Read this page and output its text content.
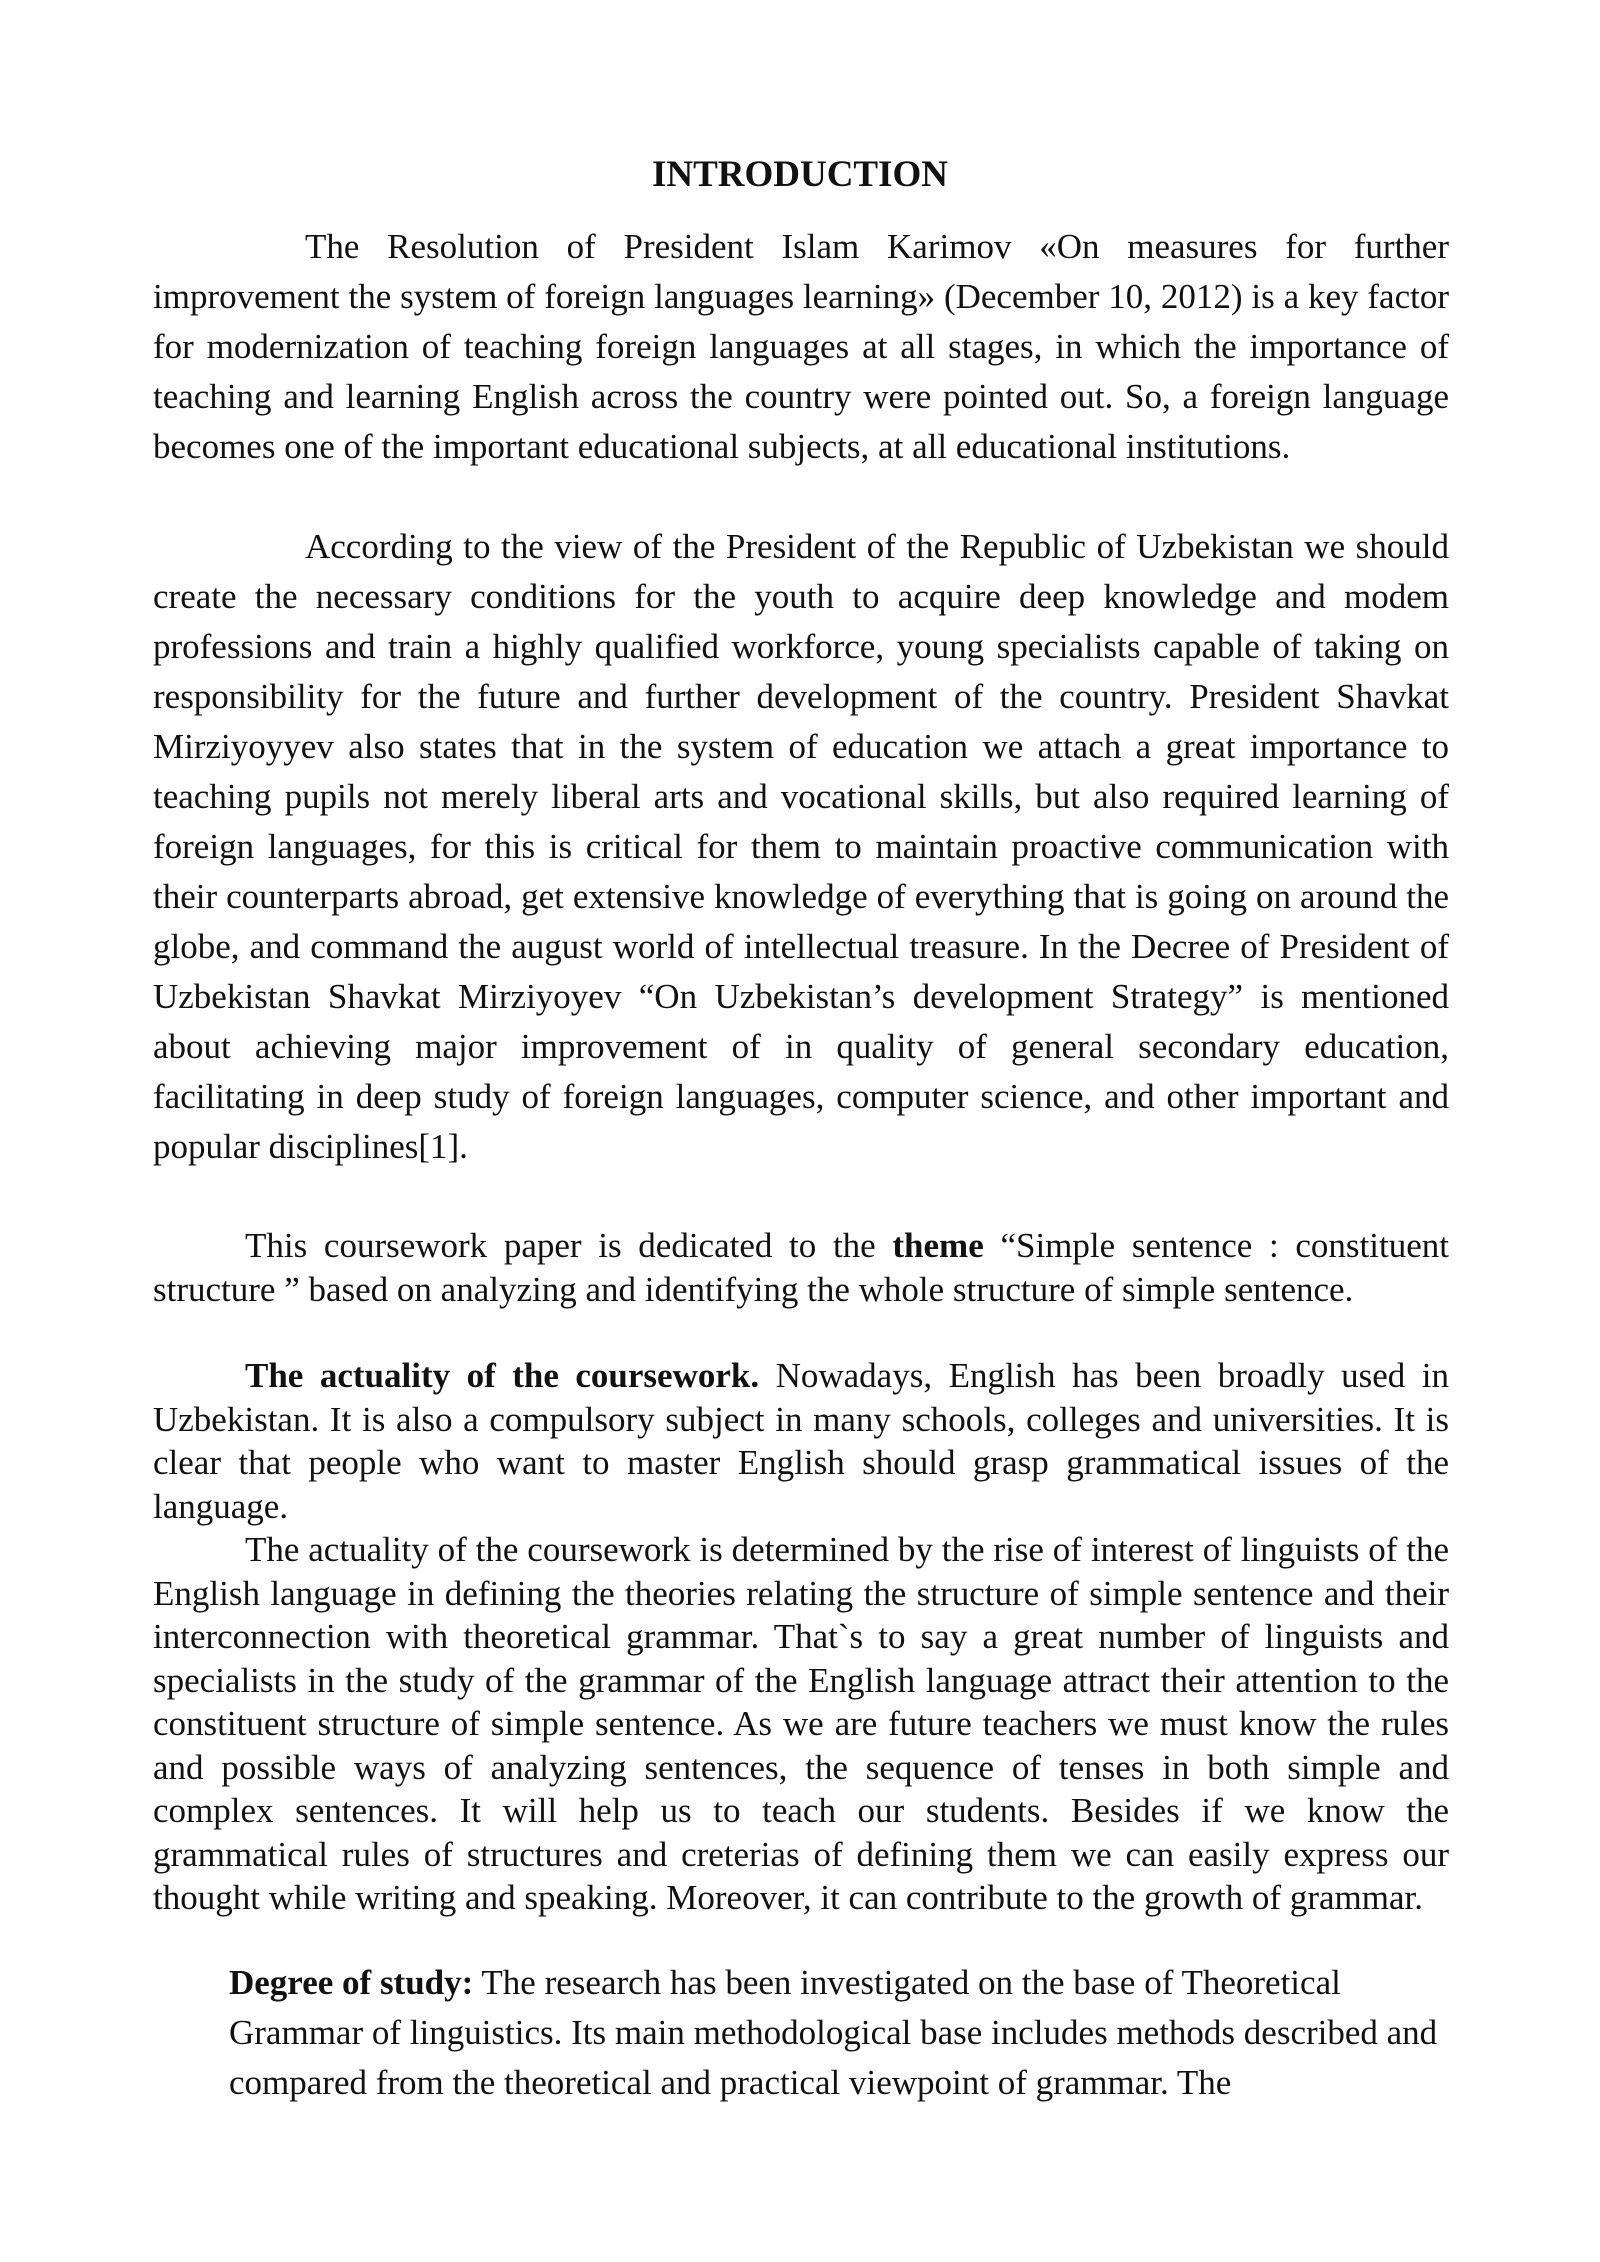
INTRODUCTION

The Resolution of President Islam Karimov «On measures for further improvement the system of foreign languages learning» (December 10, 2012) is a key factor for modernization of teaching foreign languages at all stages, in which the importance of teaching and learning English across the country were pointed out. So, a foreign language becomes one of the important educational subjects, at all educational institutions.

According to the view of the President of the Republic of Uzbekistan we should create the necessary conditions for the youth to acquire deep knowledge and modem professions and train a highly qualified workforce, young specialists capable of taking on responsibility for the future and further development of the country. President Shavkat Mirziyoyyev also states that in the system of education we attach a great importance to teaching pupils not merely liberal arts and vocational skills, but also required learning of foreign languages, for this is critical for them to maintain proactive communication with their counterparts abroad, get extensive knowledge of everything that is going on around the globe, and command the august world of intellectual treasure. In the Decree of President of Uzbekistan Shavkat Mirziyoyev “On Uzbekistan’s development Strategy” is mentioned about achieving major improvement of in quality of general secondary education, facilitating in deep study of foreign languages, computer science, and other important and popular disciplines[1].

This coursework paper is dedicated to the theme “Simple sentence : constituent structure ” based on analyzing and identifying the whole structure of simple sentence.

The actuality of the coursework. Nowadays, English has been broadly used in Uzbekistan. It is also a compulsory subject in many schools, colleges and universities. It is clear that people who want to master English should grasp grammatical issues of the language.

The actuality of the coursework is determined by the rise of interest of linguists of the English language in defining the theories relating the structure of simple sentence and their interconnection with theoretical grammar. That`s to say a great number of linguists and specialists in the study of the grammar of the English language attract their attention to the constituent structure of simple sentence. As we are future teachers we must know the rules and possible ways of analyzing sentences, the sequence of tenses in both simple and complex sentences. It will help us to teach our students. Besides if we know the grammatical rules of structures and creterias of defining them we can easily express our thought while writing and speaking. Moreover, it can contribute to the growth of grammar.

Degree of study: The research has been investigated on the base of Theoretical Grammar of linguistics. Its main methodological base includes methods described and compared from the theoretical and practical viewpoint of grammar. The
